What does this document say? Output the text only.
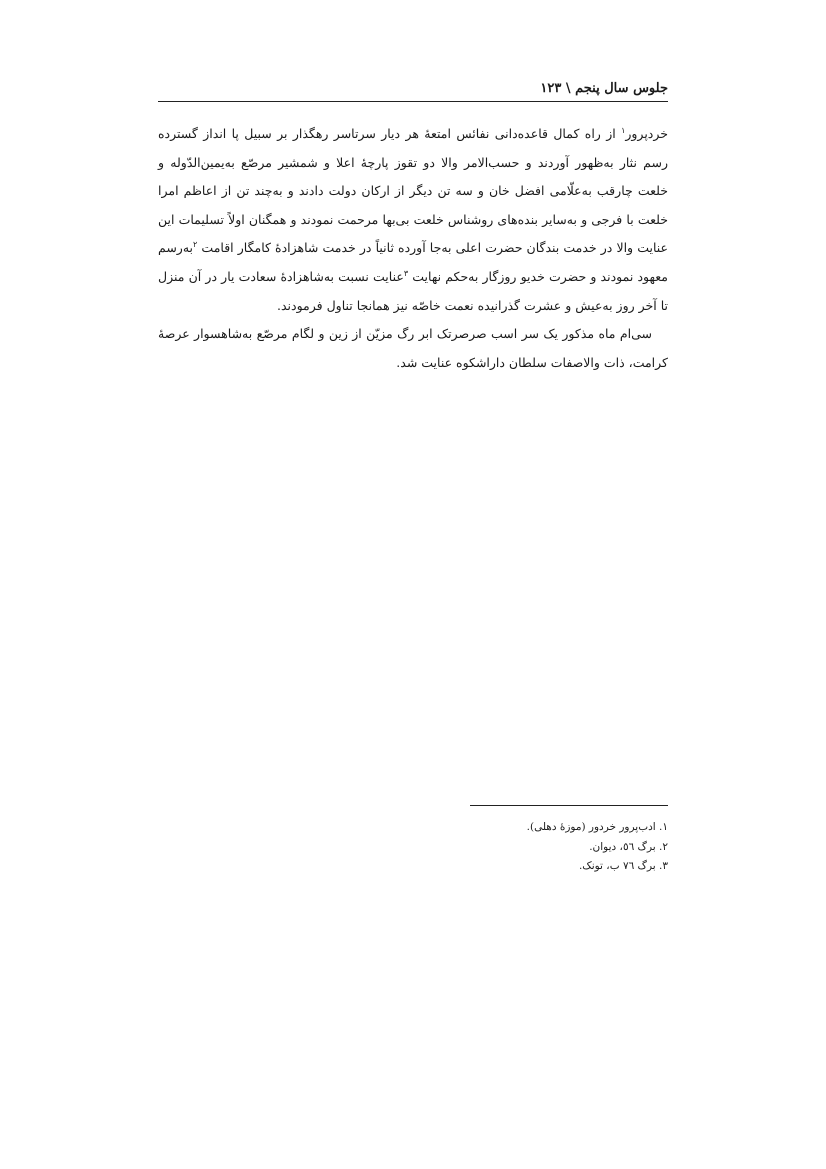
جلوس سال پنجم \ ۱۲۳

خردپرور$^۱$ از راه کمال قاعده‌دانی نفائس امتعهٔ هر دیار سرتاسر رهگذار بر سبیل پا انداز گسترده رسم نثار به‌ظهور آوردند و حسب‌الامر والا دو تقوز پارچهٔ اعلا و شمشیر مرصّع به‌یمین‌الدّوله و خلعت چارقب به‌علّامی افضل خان و سه تن دیگر از ارکان دولت دادند و به‌چند تن از اعاظم امرا خلعت با فرجی و به‌سایر بنده‌های روشناس خلعت بی‌بها مرحمت نمودند و همگنان اولاً تسلیمات این عنایت والا در خدمت بندگان حضرت اعلی به‌جا آورده ثانیاً در خدمت شاهزادهٔ کامگار اقامت $^۲$به‌رسم معهود نمودند و حضرت خدیو روزگار به‌حکم نهایت $^۳$عنایت نسبت به‌شاهزادهٔ سعادت یار در آن منزل تا آخر روز به‌عیش و عشرت گذرانیده نعمت خاصّه نیز همانجا تناول فرمودند.

سی‌ام ماه مذکور یک سر اسب صرصرتک ابر رگ مزیّن از زین و لگام مرصّع به‌شاهسوار عرصهٔ کرامت، ذات والاصفات سلطان داراشکوه عنایت شد.

۱. ادب‌پرور خردور (موزهٔ دهلی).
۲. برگ ٥٦، دیوان.
۳. برگ ۷٦ ب، تونک.
